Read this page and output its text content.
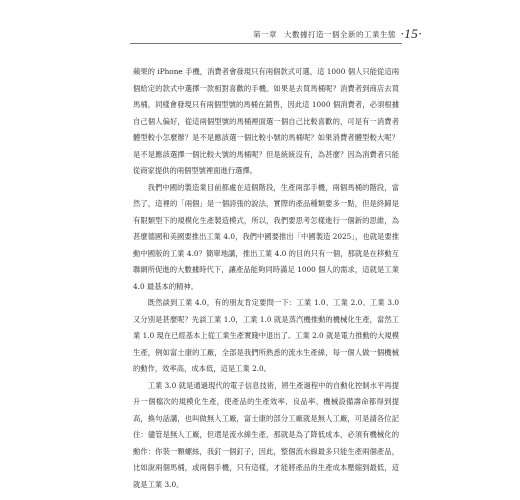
第一章 大數據打造一個全新的工業生態 ·15·

蘋果的 iPhone 手機，消費者會發現只有兩個款式可選，這 1000 個人只能從這兩個給定的款式中選擇一款相對喜歡的手機。如果是去買馬桶呢？消費者到商店去買馬桶，同樣會發現只有兩個型號的馬桶在銷售，因此這 1000 個消費者，必須根據自己個人偏好，從這兩個型號的馬桶裡面選一個自己比較喜歡的，可是有一消費者體型較小怎麼辦？是不是應該選一個比較小號的馬桶呢？如果消費者體型較大呢？是不是應該選擇一個比較大號的馬桶呢？但是統統沒有，為甚麼？因為消費者只能從商家提供的兩個型號裡面進行選擇。

我們中國的製造業目前都處在這個階段，生產兩部手機，兩個馬桶的階段，當然了，這裡的「兩個」是一個誇張的說法，實際的產品種類要多一點，但是終歸是有限類型下的規模化生產製造模式，所以，我們要思考怎樣進行一個新的思維，為甚麼德國和美國要推出工業 4.0，我們中國要推出「中國製造 2025」，也就是要推動中國版的工業 4.0？簡單地講，推出工業 4.0 的目的只有一個，那就是在移動互聯網所促進的大數據時代下，讓產品能夠同時滿足 1000 個人的需求，這就是工業 4.0 最基本的精神。

既然談到工業 4.0，有的朋友肯定要問一下：工業 1.0、工業 2.0、工業 3.0 又分別是甚麼呢？先談工業 1.0，工業 1.0 就是蒸汽機推動的機械化生產，當然工業 1.0 現在已經基本上從工業生產實踐中退出了。工業 2.0 就是電力推動的大規模生產，例如富士康的工廠，全部是我們所熟悉的流水生產線，每一個人做一個機械的動作，效率高，成本低，這是工業 2.0。

工業 3.0 就是通過現代的電子信息技術，將生產過程中的自動化控制水平再提升一個檔次的規模化生產，使產品的生產效率、良品率、機械設備壽命都得到提高，換句話講，也叫做無人工廠，富士康的部分工廠就是無人工廠，可是請各位記住：儘管是無人工廠，但還是流水線生產，那就是為了降低成本，必須有機械化的動作：你裝一顆螺絲，我釘一個釘子，因此，整個流水線最多只能生產兩個產品，比如說兩個馬桶，或兩個手機，只有這樣，才能將產品的生產成本壓縮到最低，這就是工業 3.0。
